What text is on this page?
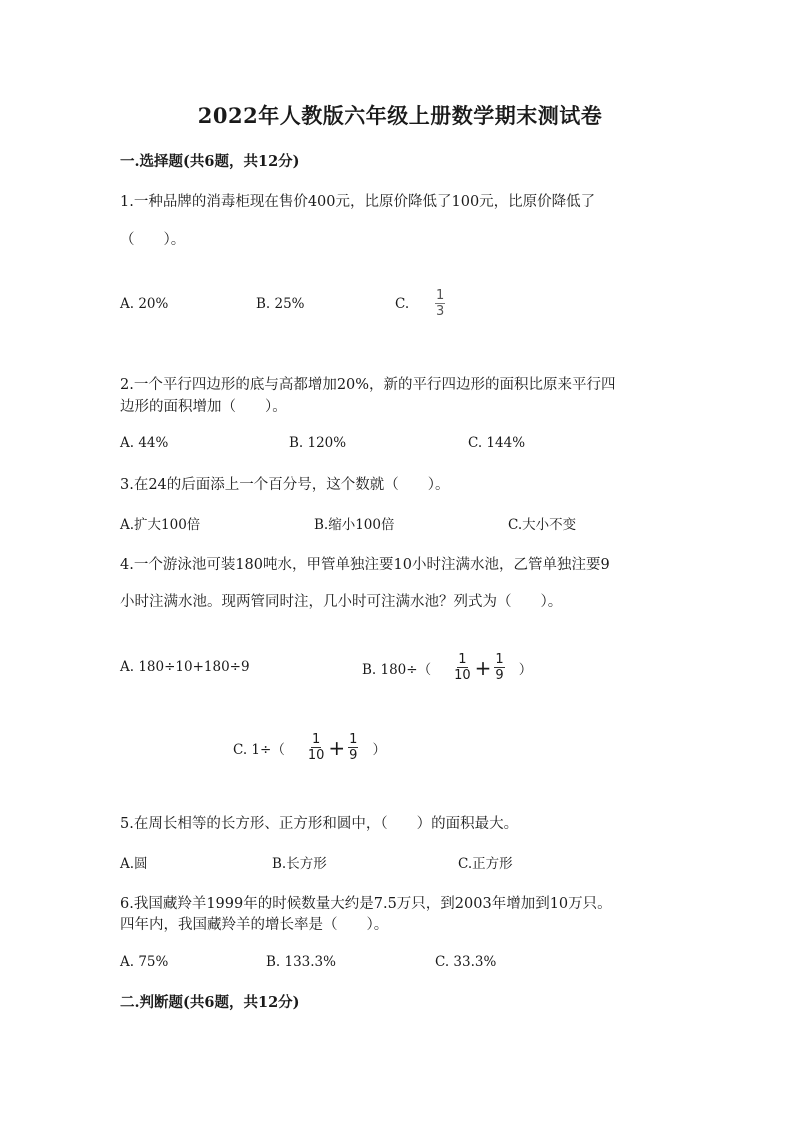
2022年人教版六年级上册数学期末测试卷
一.选择题(共6题，共12分)
1.一种品牌的消毒柜现在售价400元，比原价降低了100元，比原价降低了
（　　）。
A. 20%	B. 25%	C. $\frac{1}{3}$
2.一个平行四边形的底与高都增加20%，新的平行四边形的面积比原来平行四
边形的面积增加（　　）。
A. 44%	B. 120%	C. 144%
3.在24的后面添上一个百分号，这个数就（　　）。
A.扩大100倍	B.缩小100倍	C.大小不变
4.一个游泳池可装180吨水，甲管单独注要10小时注满水池，乙管单独注要9
小时注满水池。现两管同时注，几小时可注满水池？列式为（　　）。
A. 180÷10+180÷9	B. $180\div( \frac{1}{10} + \frac{1}{9}$ ）
C. $1\div( \frac{1}{10} + \frac{1}{9}$ ）
5.在周长相等的长方形、正方形和圆中，（　　）的面积最大。
A.圆	B.长方形	C.正方形
6.我国藏羚羊1999年的时候数量大约是7.5万只，到2003年增加到10万只。
四年内，我国藏羚羊的增长率是（　　）。
A. 75%	B. 133.3%	C. 33.3%
二.判断题(共6题，共12分)
